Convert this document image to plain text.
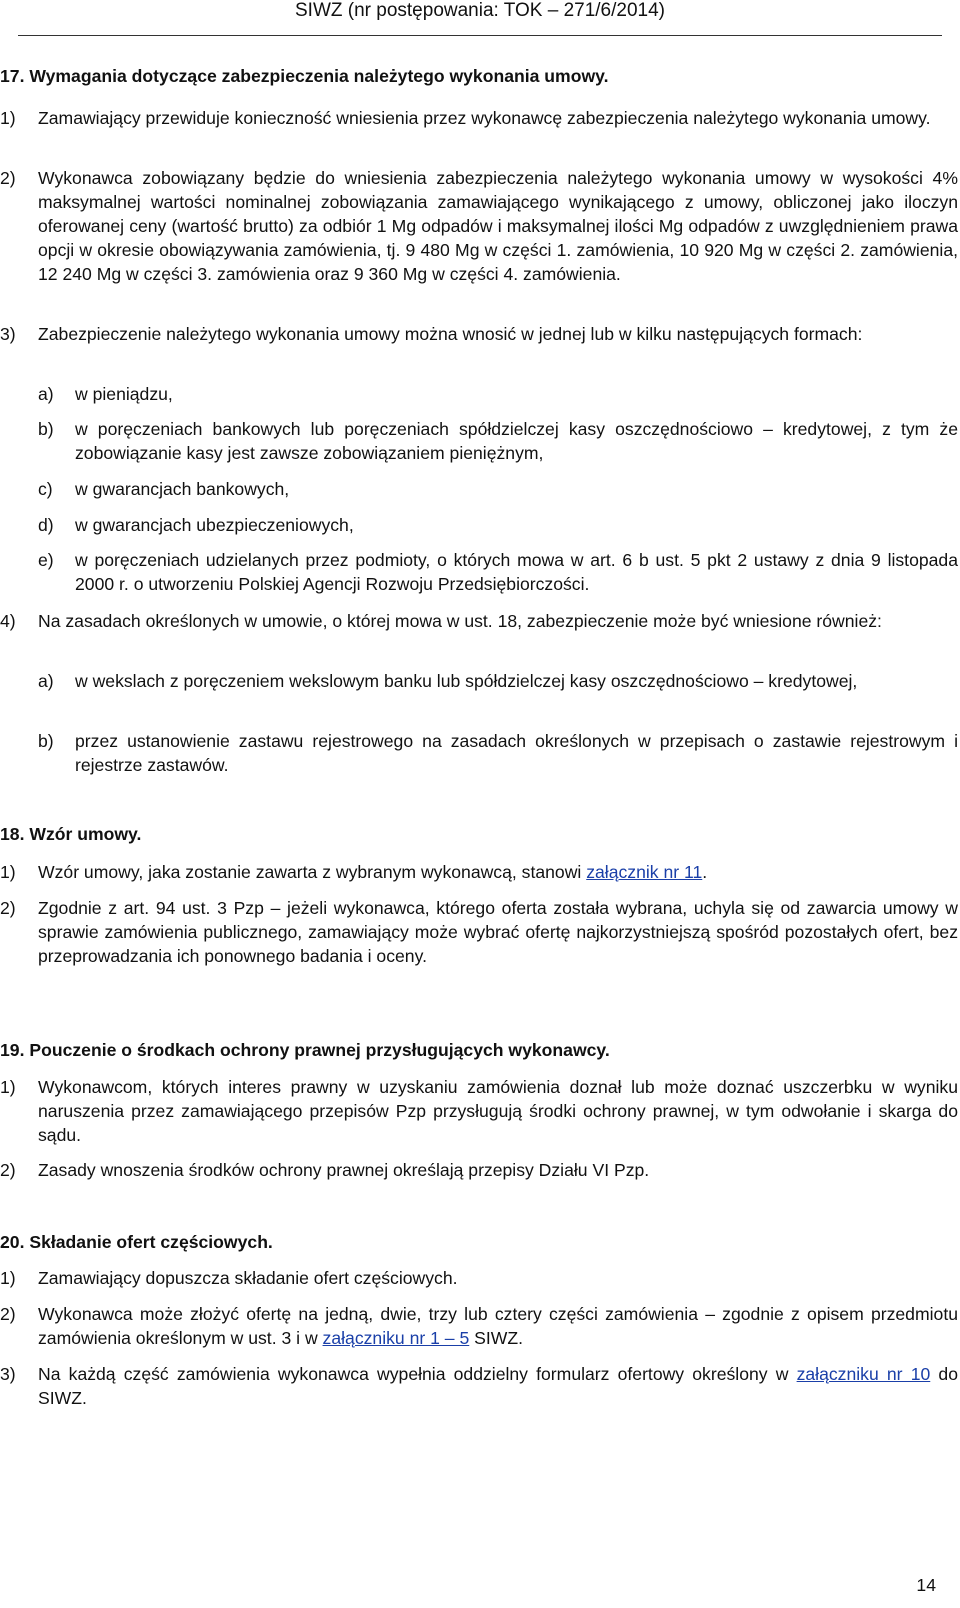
SIWZ (nr postępowania: TOK – 271/6/2014)
17. Wymagania dotyczące zabezpieczenia należytego wykonania umowy.
1)	Zamawiający przewiduje konieczność wniesienia przez wykonawcę zabezpieczenia należytego wykonania umowy.
2)	Wykonawca zobowiązany będzie do wniesienia zabezpieczenia należytego wykonania umowy w wysokości 4% maksymalnej wartości nominalnej zobowiązania zamawiającego wynikającego z umowy, obliczonej jako iloczyn oferowanej ceny (wartość brutto) za odbiór 1 Mg odpadów i maksymalnej ilości Mg odpadów z uwzględnieniem prawa opcji w okresie obowiązywania zamówienia, tj. 9 480 Mg w części 1. zamówienia, 10 920 Mg w części 2. zamówienia, 12 240 Mg w części 3. zamówienia oraz 9 360 Mg w części 4. zamówienia.
3)	Zabezpieczenie należytego wykonania umowy można wnosić w jednej lub w kilku następujących formach:
a)	w pieniądzu,
b)	w poręczeniach bankowych lub poręczeniach spółdzielczej kasy oszczędnościowo – kredytowej, z tym że zobowiązanie kasy jest zawsze zobowiązaniem pieniężnym,
c)	w gwarancjach bankowych,
d)	w gwarancjach ubezpieczeniowych,
e)	w poręczeniach udzielanych przez podmioty, o których mowa w art. 6 b ust. 5 pkt 2 ustawy z dnia 9 listopada 2000 r. o utworzeniu Polskiej Agencji Rozwoju Przedsiębiorczości.
4)	Na zasadach określonych w umowie, o której mowa w ust. 18, zabezpieczenie może być wniesione również:
a)	w wekslach z poręczeniem wekslowym banku lub spółdzielczej kasy oszczędnościowo – kredytowej,
b)	przez ustanowienie zastawu rejestrowego na zasadach określonych w przepisach o zastawie rejestrowym i rejestrze zastawów.
18. Wzór umowy.
1)	Wzór umowy, jaka zostanie zawarta z wybranym wykonawcą, stanowi załącznik nr 11.
2)	Zgodnie z art. 94 ust. 3 Pzp – jeżeli wykonawca, którego oferta została wybrana, uchyla się od zawarcia umowy w sprawie zamówienia publicznego, zamawiający może wybrać ofertę najkorzystniejszą spośród pozostałych ofert, bez przeprowadzania ich ponownego badania i oceny.
19. Pouczenie o środkach ochrony prawnej przysługujących wykonawcy.
1)	Wykonawcom, których interes prawny w uzyskaniu zamówienia doznał lub może doznać uszczerbku w wyniku naruszenia przez zamawiającego przepisów Pzp przysługują środki ochrony prawnej, w tym odwołanie i skarga do sądu.
2)	Zasady wnoszenia środków ochrony prawnej określają przepisy Działu VI Pzp.
20. Składanie ofert częściowych.
1)	Zamawiający dopuszcza składanie ofert częściowych.
2)	Wykonawca może złożyć ofertę na jedną, dwie, trzy lub cztery części zamówienia – zgodnie z opisem przedmiotu zamówienia określonym w ust. 3 i w załączniku nr 1 – 5 SIWZ.
3)	Na każdą część zamówienia wykonawca wypełnia oddzielny formularz ofertowy określony w załączniku nr 10 do SIWZ.
14
